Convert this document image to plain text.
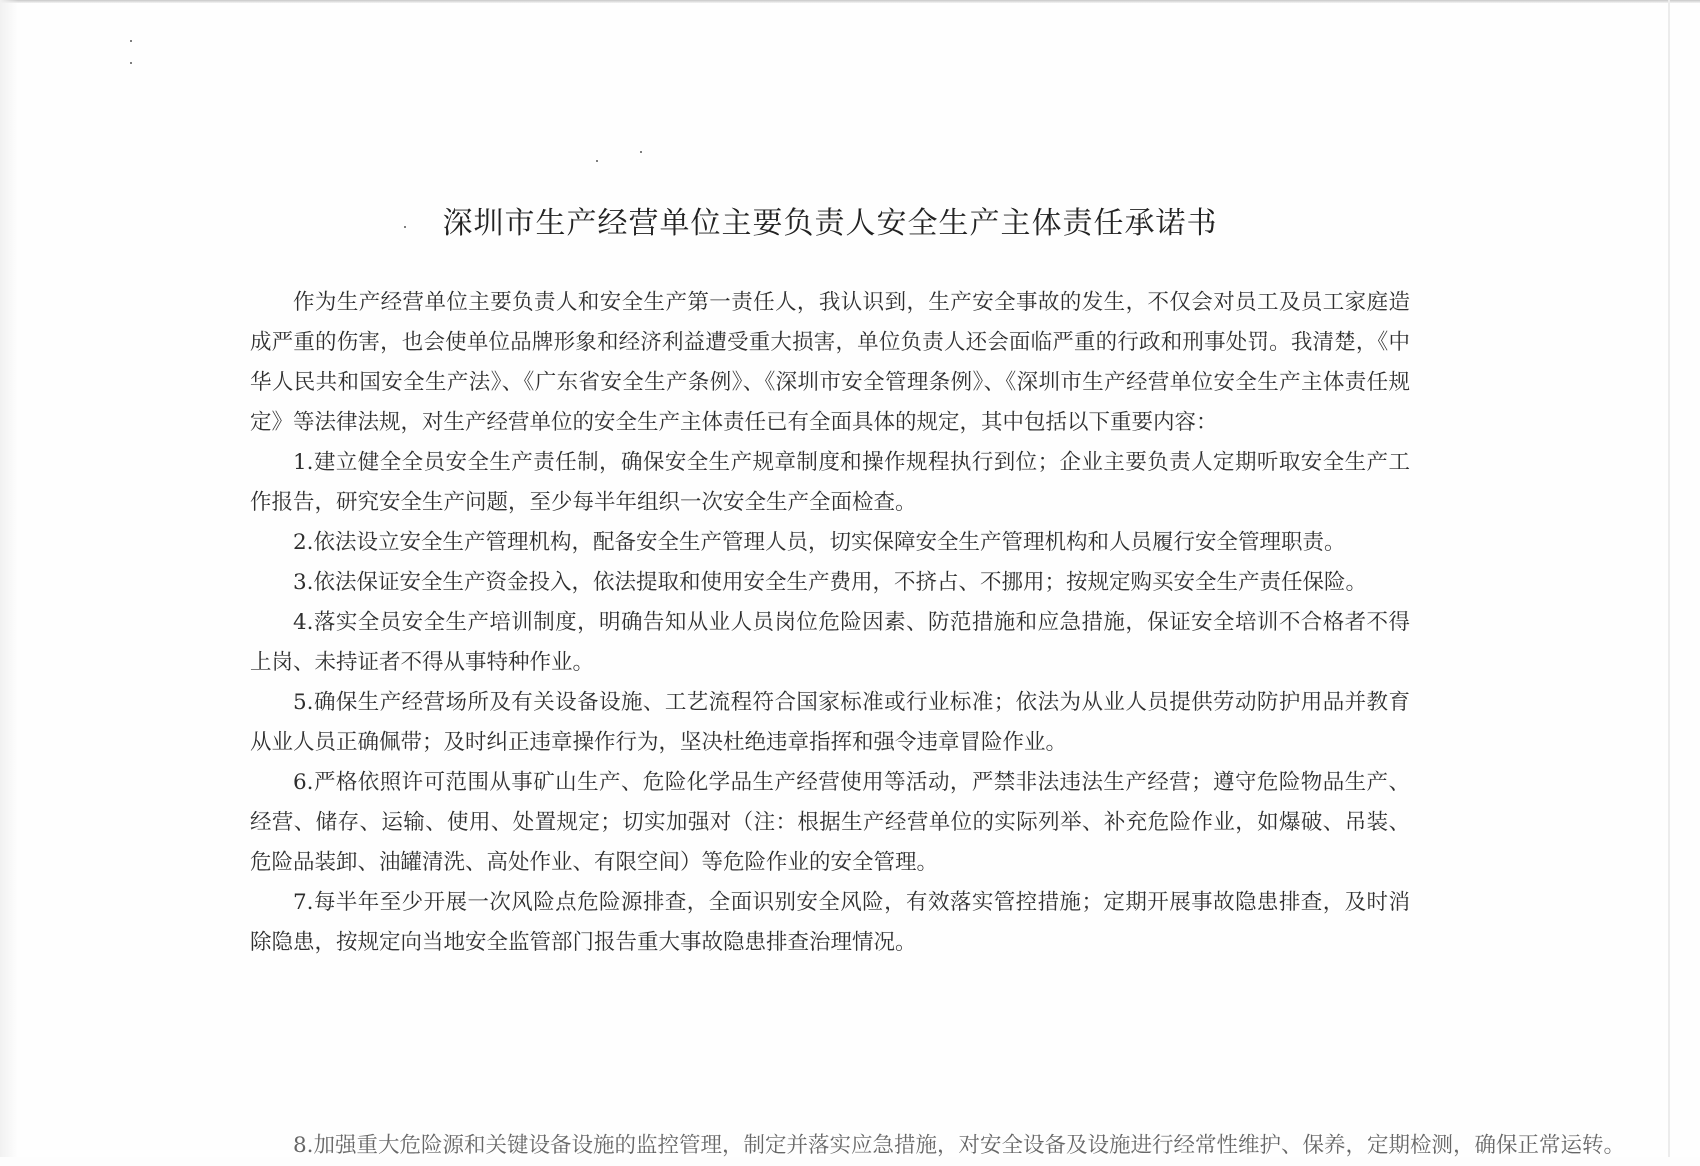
深圳市生产经营单位主要负责人安全生产主体责任承诺书

作为生产经营单位主要负责人和安全生产第一责任人，我认识到，生产安全事故的发生，不仅会对员工及员工家庭造成严重的伤害，也会使单位品牌形象和经济利益遭受重大损害，单位负责人还会面临严重的行政和刑事处罚。我清楚，《中华人民共和国安全生产法》、《广东省安全生产条例》、《深圳市安全管理条例》、《深圳市生产经营单位安全生产主体责任规定》等法律法规，对生产经营单位的安全生产主体责任已有全面具体的规定，其中包括以下重要内容：

1.建立健全全员安全生产责任制，确保安全生产规章制度和操作规程执行到位；企业主要负责人定期听取安全生产工作报告，研究安全生产问题，至少每半年组织一次安全生产全面检查。

2.依法设立安全生产管理机构，配备安全生产管理人员，切实保障安全生产管理机构和人员履行安全管理职责。

3.依法保证安全生产资金投入，依法提取和使用安全生产费用，不挤占、不挪用；按规定购买安全生产责任保险。

4.落实全员安全生产培训制度，明确告知从业人员岗位危险因素、防范措施和应急措施，保证安全培训不合格者不得上岗、未持证者不得从事特种作业。

5.确保生产经营场所及有关设备设施、工艺流程符合国家标准或行业标准；依法为从业人员提供劳动防护用品并教育从业人员正确佩带；及时纠正违章操作行为，坚决杜绝违章指挥和强令违章冒险作业。

6.严格依照许可范围从事矿山生产、危险化学品生产经营使用等活动，严禁非法违法生产经营；遵守危险物品生产、经营、储存、运输、使用、处置规定；切实加强对（注：根据生产经营单位的实际列举、补充危险作业，如爆破、吊装、危险品装卸、油罐清洗、高处作业、有限空间）等危险作业的安全管理。

7.每半年至少开展一次风险点危险源排查，全面识别安全风险，有效落实管控措施；定期开展事故隐患排查，及时消除隐患，按规定向当地安全监管部门报告重大事故隐患排查治理情况。

8.加强重大危险源和关键设备设施的监控管理，制定并落实应急措施，对安全设备及设施进行经常性维护、保养，定期检测，确保正常运转。
